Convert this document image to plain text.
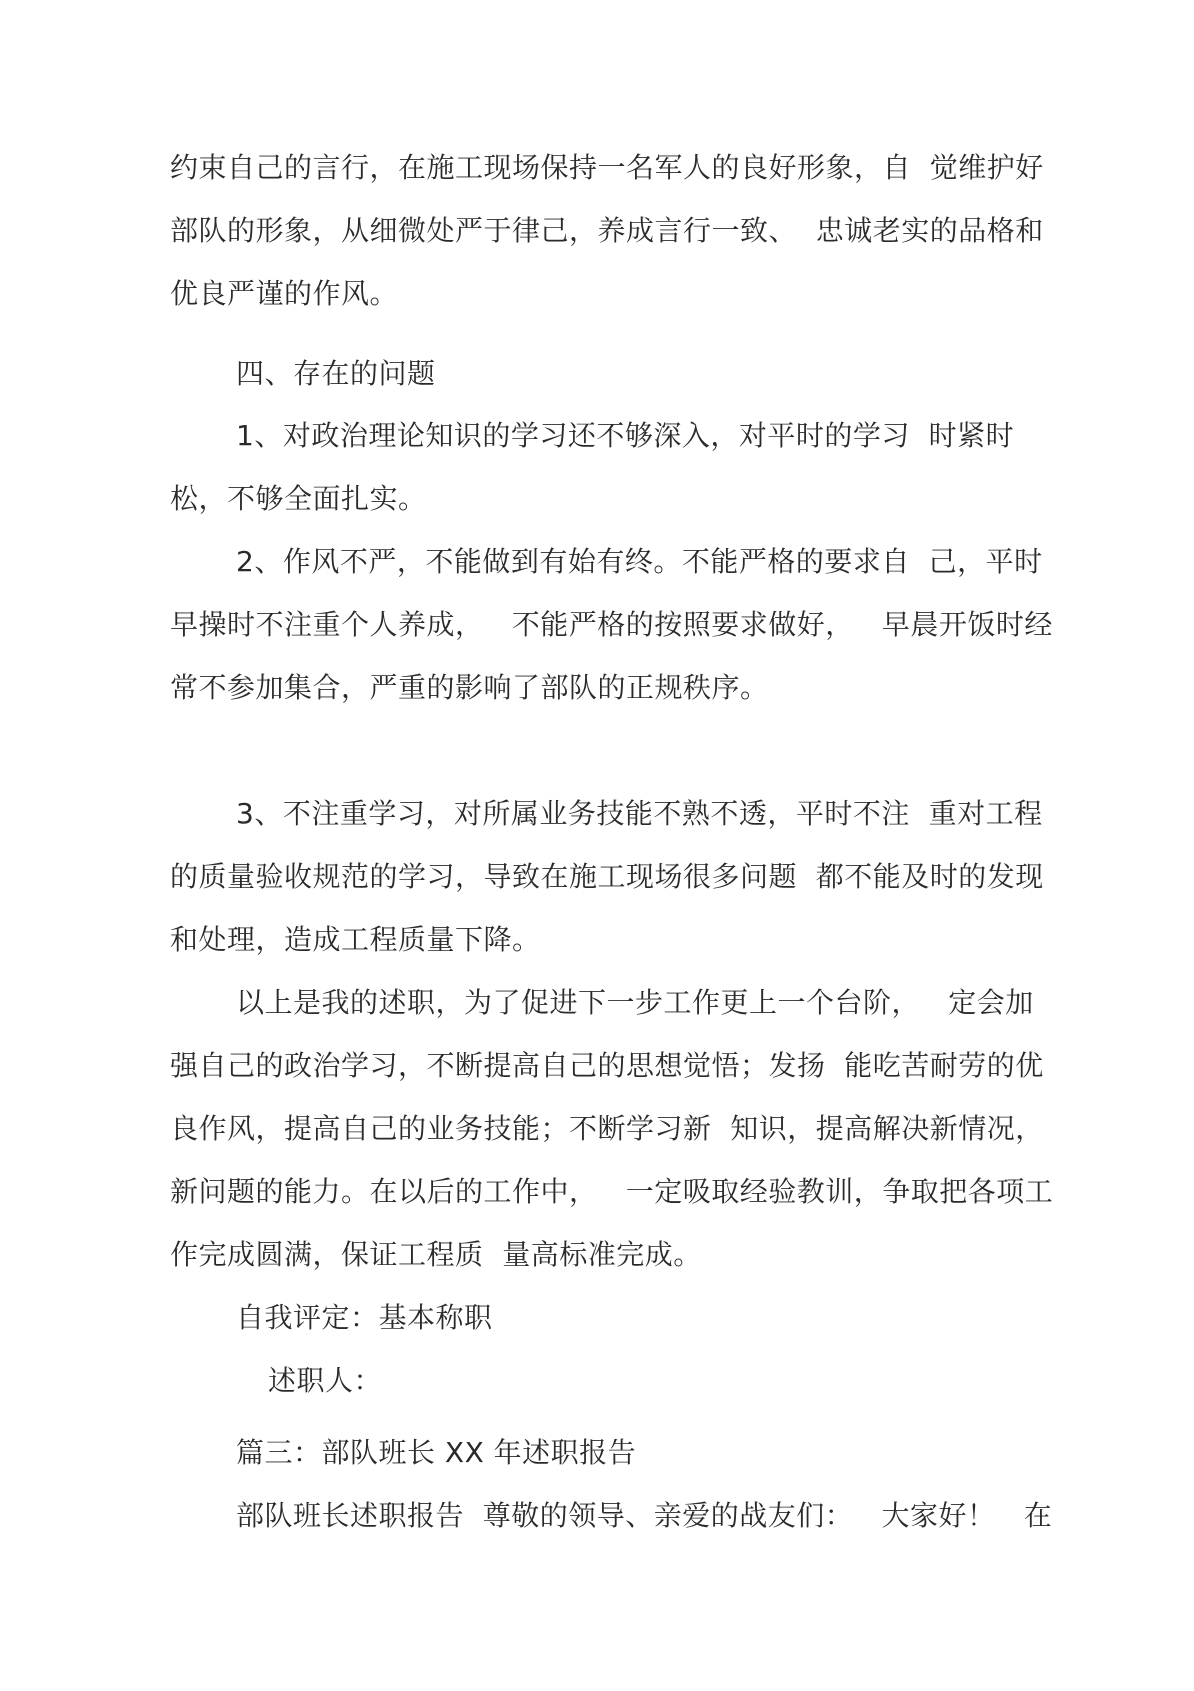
约束自己的言行，在施工现场保持一名军人的良好形象，自  觉维护好
部队的形象，从细微处严于律己，养成言行一致、  忠诚老实的品格和
优良严谨的作风。
四、存在的问题
1、对政治理论知识的学习还不够深入，对平时的学习  时紧时
松，不够全面扎实。
2、作风不严，不能做到有始有终。不能严格的要求自  己，平时
早操时不注重个人养成，   不能严格的按照要求做好，   早晨开饭时经
常不参加集合，严重的影响了部队的正规秩序。
3、不注重学习，对所属业务技能不熟不透，平时不注  重对工程
的质量验收规范的学习，导致在施工现场很多问题  都不能及时的发现
和处理，造成工程质量下降。
以上是我的述职，为了促进下一步工作更上一个台阶，   定会加
强自己的政治学习，不断提高自己的思想觉悟；发扬  能吃苦耐劳的优
良作风，提高自己的业务技能；不断学习新  知识，提高解决新情况，
新问题的能力。在以后的工作中，   一定吸取经验教训，争取把各项工
作完成圆满，保证工程质  量高标准完成。
自我评定：基本称职
述职人：
篇三：部队班长 XX 年述职报告
部队班长述职报告  尊敬的领导、亲爱的战友们：   大家好！   在
